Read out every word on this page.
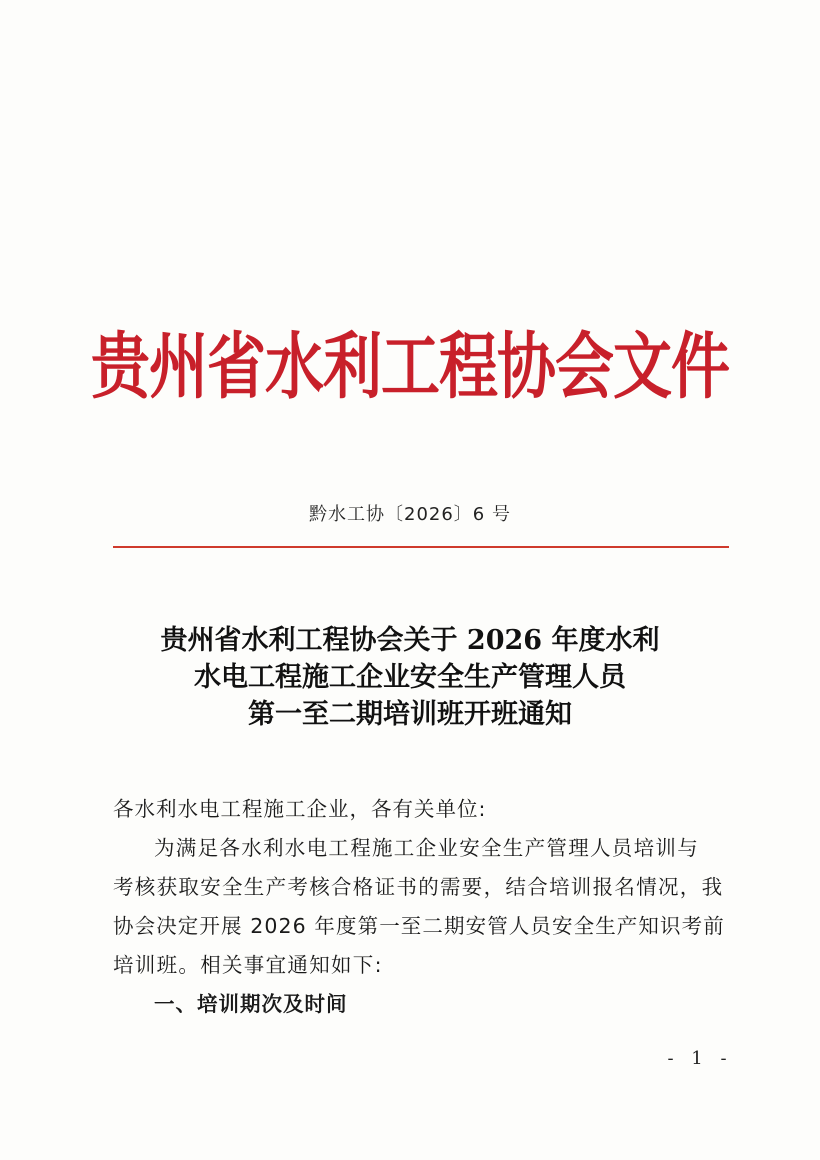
贵州省水利工程协会文件
黔水工协〔2026〕6 号
贵州省水利工程协会关于 2026 年度水利
水电工程施工企业安全生产管理人员
第一至二期培训班开班通知
各水利水电工程施工企业，各有关单位:
为满足各水利水电工程施工企业安全生产管理人员培训与
考核获取安全生产考核合格证书的需要，结合培训报名情况，我
协会决定开展 2026 年度第一至二期安管人员安全生产知识考前
培训班。相关事宜通知如下:
一、培训期次及时间
- 1 -
